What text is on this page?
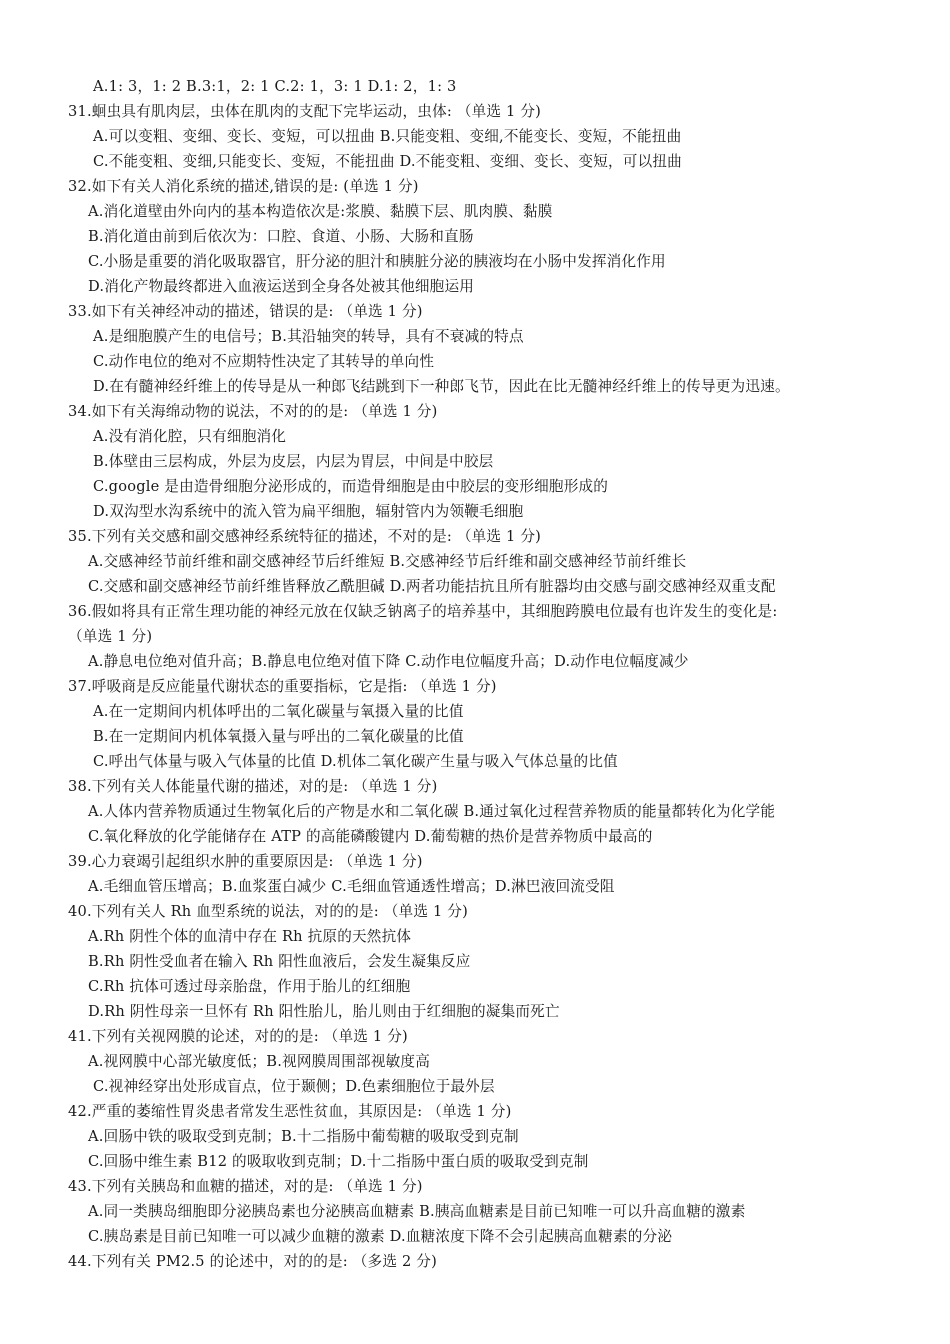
A.1: 3，1: 2 B.3:1，2: 1 C.2: 1，3: 1 D.1: 2，1: 3
31.蛔虫具有肌肉层，虫体在肌肉的支配下完毕运动，虫体: （单选 1 分)
A.可以变粗、变细、变长、变短，可以扭曲 B.只能变粗、变细,不能变长、变短，不能扭曲
C.不能变粗、变细,只能变长、变短，不能扭曲 D.不能变粗、变细、变长、变短，可以扭曲
32.如下有关人消化系统的描述,错误的是: (单选 1 分)
A.消化道壁由外向内的基本构造依次是:浆膜、黏膜下层、肌肉膜、黏膜
B.消化道由前到后依次为：口腔、食道、小肠、大肠和直肠
C.小肠是重要的消化吸取器官，肝分泌的胆汁和胰脏分泌的胰液均在小肠中发挥消化作用
D.消化产物最终都进入血液运送到全身各处被其他细胞运用
33.如下有关神经冲动的描述，错误的是: （单选 1 分)
A.是细胞膜产生的电信号；B.其沿轴突的转导，具有不衰减的特点
C.动作电位的绝对不应期特性决定了其转导的单向性
D.在有髓神经纤维上的传导是从一种郎飞结跳到下一种郎飞节，因此在比无髓神经纤维上的传导更为迅速。
34.如下有关海绵动物的说法，不对的的是: （单选 1 分)
A.没有消化腔，只有细胞消化
B.体壁由三层构成，外层为皮层，内层为胃层，中间是中胶层
C.google 是由造骨细胞分泌形成的，而造骨细胞是由中胶层的变形细胞形成的
D.双沟型水沟系统中的流入管为扁平细胞，辐射管内为领鞭毛细胞
35.下列有关交感和副交感神经系统特征的描述，不对的是: （单选 1 分)
A.交感神经节前纤维和副交感神经节后纤维短 B.交感神经节后纤维和副交感神经节前纤维长
C.交感和副交感神经节前纤维皆释放乙酰胆碱 D.两者功能拮抗且所有脏器均由交感与副交感神经双重支配
36.假如将具有正常生理功能的神经元放在仅缺乏钠离子的培养基中，其细胞跨膜电位最有也许发生的变化是:
（单选 1 分)
A.静息电位绝对值升高；B.静息电位绝对值下降 C.动作电位幅度升高；D.动作电位幅度减少
37.呼吸商是反应能量代谢状态的重要指标，它是指: （单选 1 分)
A.在一定期间内机体呼出的二氧化碳量与氧摄入量的比值
B.在一定期间内机体氧摄入量与呼出的二氧化碳量的比值
C.呼出气体量与吸入气体量的比值 D.机体二氧化碳产生量与吸入气体总量的比值
38.下列有关人体能量代谢的描述，对的是: （单选 1 分)
A.人体内营养物质通过生物氧化后的产物是水和二氧化碳 B.通过氧化过程营养物质的能量都转化为化学能
C.氧化释放的化学能储存在 ATP 的高能磷酸键内 D.葡萄糖的热价是营养物质中最高的
39.心力衰竭引起组织水肿的重要原因是: （单选 1 分)
A.毛细血管压增高；B.血浆蛋白减少 C.毛细血管通透性增高；D.淋巴液回流受阻
40.下列有关人 Rh 血型系统的说法，对的的是: （单选 1 分)
A.Rh 阴性个体的血清中存在 Rh 抗原的天然抗体
B.Rh 阴性受血者在输入 Rh 阳性血液后，会发生凝集反应
C.Rh 抗体可透过母亲胎盘，作用于胎儿的红细胞
D.Rh 阴性母亲一旦怀有 Rh 阳性胎儿，胎儿则由于红细胞的凝集而死亡
41.下列有关视网膜的论述，对的的是: （单选 1 分)
A.视网膜中心部光敏度低；B.视网膜周围部视敏度高
C.视神经穿出处形成盲点，位于颞侧；D.色素细胞位于最外层
42.严重的萎缩性胃炎患者常发生恶性贫血，其原因是: （单选 1 分)
A.回肠中铁的吸取受到克制；B.十二指肠中葡萄糖的吸取受到克制
C.回肠中维生素 B12 的吸取收到克制；D.十二指肠中蛋白质的吸取受到克制
43.下列有关胰岛和血糖的描述，对的是: （单选 1 分)
A.同一类胰岛细胞即分泌胰岛素也分泌胰高血糖素 B.胰高血糖素是目前已知唯一可以升高血糖的激素
C.胰岛素是目前已知唯一可以减少血糖的激素 D.血糖浓度下降不会引起胰高血糖素的分泌
44.下列有关 PM2.5 的论述中，对的的是: （多选 2 分)
